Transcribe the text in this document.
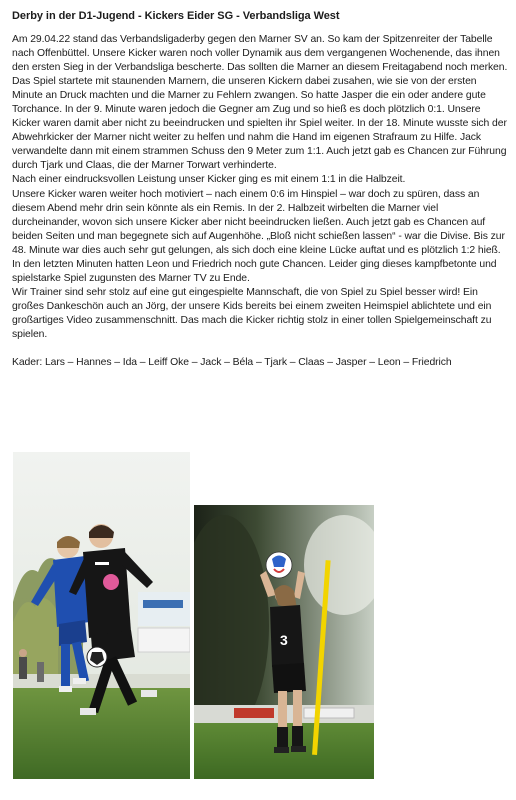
Derby in der D1-Jugend - Kickers Eider SG - Verbandsliga West

Am 29.04.22 stand das Verbandsligaderby gegen den Marner SV an. So kam der Spitzenreiter der Tabelle nach Offenbüttel. Unsere Kicker waren noch voller Dynamik aus dem vergangenen Wochenende, das ihnen den ersten Sieg in der Verbandsliga bescherte. Das sollten die Marner an diesem Freitagabend noch merken.

Das Spiel startete mit staunenden Marnern, die unseren Kickern dabei zusahen, wie sie von der ersten Minute an Druck machten und die Marner zu Fehlern zwangen. So hatte Jasper die ein oder andere gute Torchance. In der 9. Minute waren jedoch die Gegner am Zug und so hieß es doch plötzlich 0:1. Unsere Kicker waren damit aber nicht zu beeindrucken und spielten ihr Spiel weiter. In der 18. Minute wusste sich der Abwehrkicker der Marner nicht weiter zu helfen und nahm die Hand im eigenen Strafraum zu Hilfe. Jack verwandelte dann mit einem strammen Schuss den 9 Meter zum 1:1. Auch jetzt gab es Chancen zur Führung durch Tjark und Claas, die der Marner Torwart verhinderte.

Nach einer eindrucksvollen Leistung unser Kicker ging es mit einem 1:1 in die Halbzeit.

Unsere Kicker waren weiter hoch motiviert – nach einem 0:6 im Hinspiel – war doch zu spüren, dass an diesem Abend mehr drin sein könnte als ein Remis. In der 2. Halbzeit wirbelten die Marner viel durcheinander, wovon sich unsere Kicker aber nicht beeindrucken ließen. Auch jetzt gab es Chancen auf beiden Seiten und man begegnete sich auf Augenhöhe. „Bloß nicht schießen lassen“ - war die Divise. Bis zur 48. Minute war dies auch sehr gut gelungen, als sich doch eine kleine Lücke auftat und es plötzlich 1:2 hieß. In den letzten Minuten hatten Leon und Friedrich noch gute Chancen. Leider ging dieses kampfbetonte und spielstarke Spiel zugunsten des Marner TV zu Ende.

Wir Trainer sind sehr stolz auf eine gut eingespielte Mannschaft, die von Spiel zu Spiel besser wird! Ein großes Dankeschön auch an Jörg, der unsere Kids bereits bei einem zweiten Heimspiel ablichtete und ein großartiges Video zusammenschnitt. Das mach die Kicker richtig stolz in einer tollen Spielgemeinschaft zu spielen.

Kader: Lars – Hannes – Ida – Leiff Oke – Jack – Béla – Tjark – Claas – Jasper – Leon – Friedrich
3
